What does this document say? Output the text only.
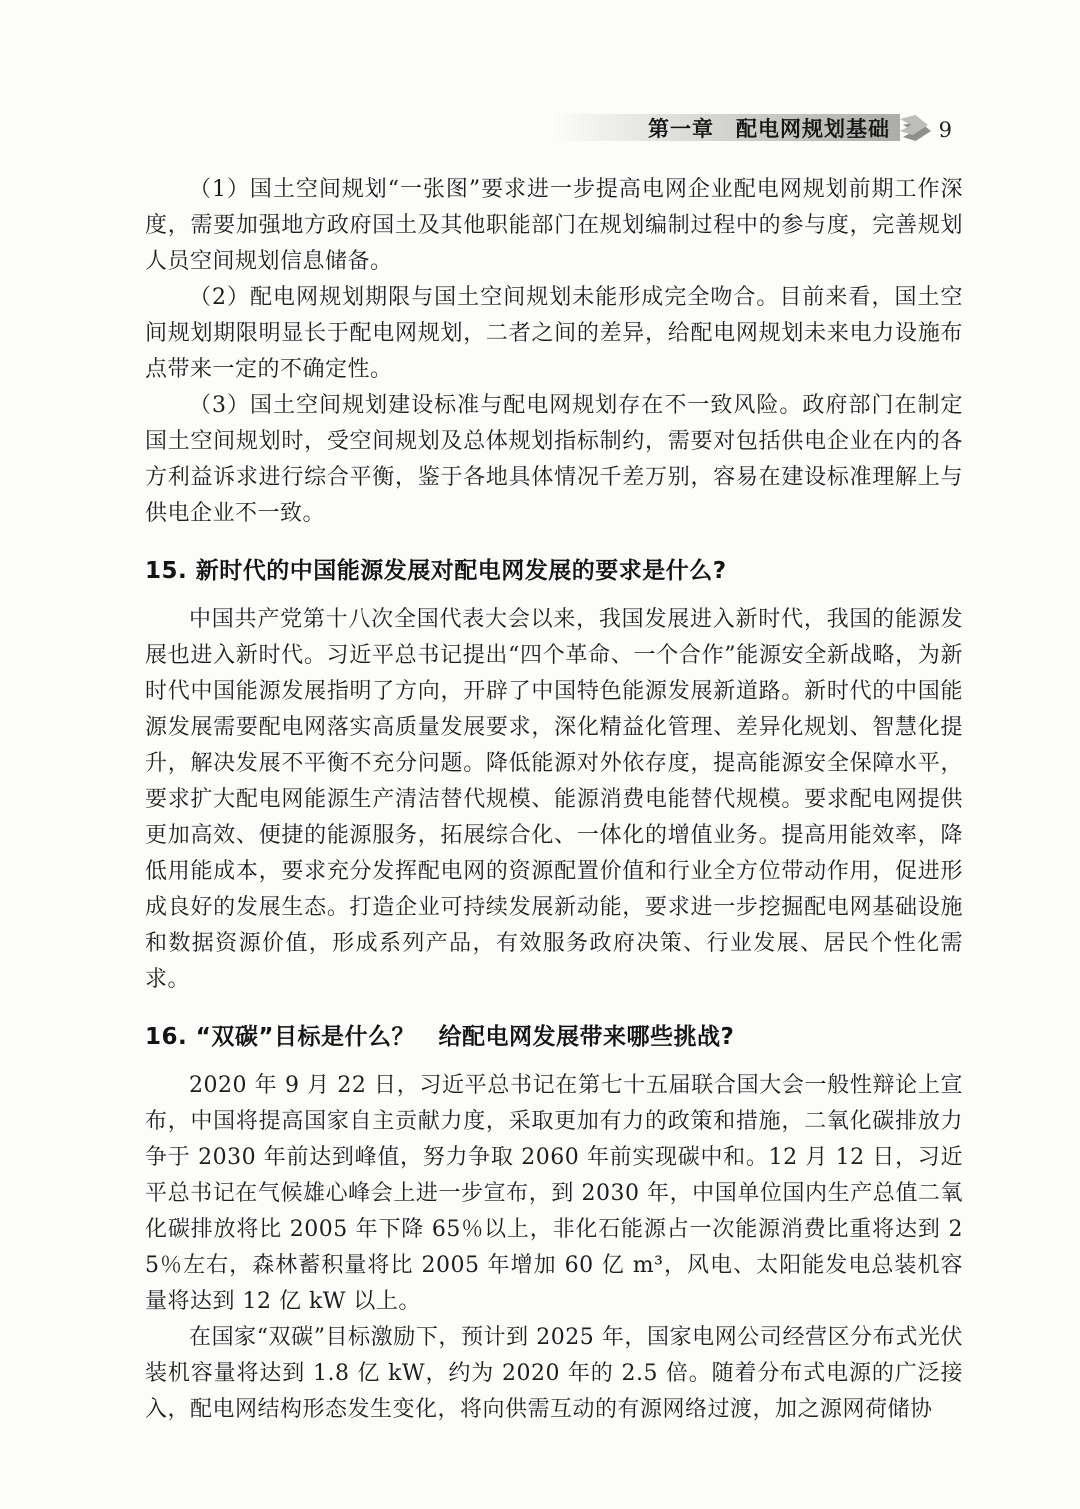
第一章　配电网规划基础 9

（1）国土空间规划“一张图”要求进一步提高电网企业配电网规划前期工作深度，需要加强地方政府国土及其他职能部门在规划编制过程中的参与度，完善规划人员空间规划信息储备。

（2）配电网规划期限与国土空间规划未能形成完全吻合。目前来看，国土空间规划期限明显长于配电网规划，二者之间的差异，给配电网规划未来电力设施布点带来一定的不确定性。

（3）国土空间规划建设标准与配电网规划存在不一致风险。政府部门在制定国土空间规划时，受空间规划及总体规划指标制约，需要对包括供电企业在内的各方利益诉求进行综合平衡，鉴于各地具体情况千差万别，容易在建设标准理解上与供电企业不一致。

15. 新时代的中国能源发展对配电网发展的要求是什么?

中国共产党第十八次全国代表大会以来，我国发展进入新时代，我国的能源发展也进入新时代。习近平总书记提出“四个革命、一个合作”能源安全新战略，为新时代中国能源发展指明了方向，开辟了中国特色能源发展新道路。新时代的中国能源发展需要配电网落实高质量发展要求，深化精益化管理、差异化规划、智慧化提升，解决发展不平衡不充分问题。降低能源对外依存度，提高能源安全保障水平，要求扩大配电网能源生产清洁替代规模、能源消费电能替代规模。要求配电网提供更加高效、便捷的能源服务，拓展综合化、一体化的增值业务。提高用能效率，降低用能成本，要求充分发挥配电网的资源配置价值和行业全方位带动作用，促进形成良好的发展生态。打造企业可持续发展新动能，要求进一步挖掘配电网基础设施和数据资源价值，形成系列产品，有效服务政府决策、行业发展、居民个性化需求。

16. “双碳”目标是什么？　给配电网发展带来哪些挑战?

2020 年 9 月 22 日，习近平总书记在第七十五届联合国大会一般性辩论上宣布，中国将提高国家自主贡献力度，采取更加有力的政策和措施，二氧化碳排放力争于 2030 年前达到峰值，努力争取 2060 年前实现碳中和。12 月 12 日，习近平总书记在气候雄心峰会上进一步宣布，到 2030 年，中国单位国内生产总值二氧化碳排放将比 2005 年下降 65％以上，非化石能源占一次能源消费比重将达到 25％左右，森林蓄积量将比 2005 年增加 60 亿 m³，风电、太阳能发电总装机容量将达到 12 亿 kW 以上。

在国家“双碳”目标激励下，预计到 2025 年，国家电网公司经营区分布式光伏装机容量将达到 1.8 亿 kW，约为 2020 年的 2.5 倍。随着分布式电源的广泛接入，配电网结构形态发生变化，将向供需互动的有源网络过渡，加之源网荷储协
